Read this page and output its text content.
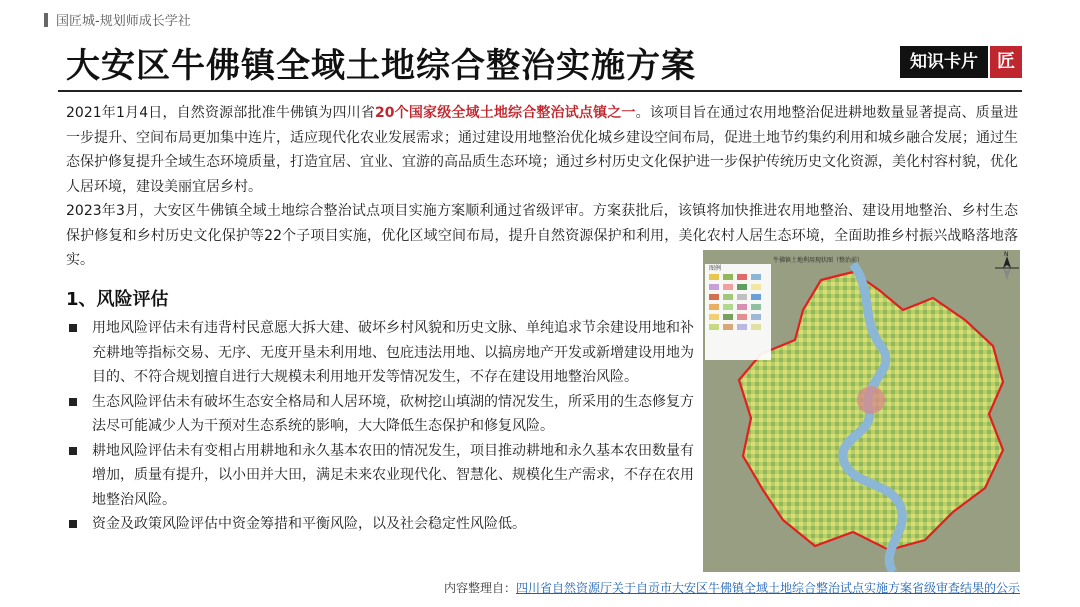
国匠城-规划师成长学社
大安区牛佛镇全域土地综合整治实施方案	知识卡片	匠

2021年1月4日，自然资源部批准牛佛镇为四川省20个国家级全域土地综合整治试点镇之一。该项目旨在通过农用地整治促进耕地数量显著提高、质量进一步提升、空间布局更加集中连片，适应现代化农业发展需求；通过建设用地整治优化城乡建设空间布局，促进土地节约集约利用和城乡融合发展；通过生态保护修复提升全域生态环境质量，打造宜居、宜业、宜游的高品质生态环境；通过乡村历史文化保护进一步保护传统历史文化资源，美化村容村貌，优化人居环境，建设美丽宜居乡村。

2023年3月，大安区牛佛镇全域土地综合整治试点项目实施方案顺利通过省级评审。方案获批后，该镇将加快推进农用地整治、建设用地整治、乡村生态保护修复和乡村历史文化保护等22个子项目实施，优化区域空间布局，提升自然资源保护和利用，美化农村人居生态环境，全面助推乡村振兴战略落地落实。

1、风险评估
用地风险评估未有违背村民意愿大拆大建、破坏乡村风貌和历史文脉、单纯追求节余建设用地和补充耕地等指标交易、无序、无度开垦未利用地、包庇违法用地、以搞房地产开发或新增建设用地为目的、不符合规划擅自进行大规模未利用地开发等情况发生，不存在建设用地整治风险。
生态风险评估未有破坏生态安全格局和人居环境，砍树挖山填湖的情况发生，所采用的生态修复方法尽可能减少人为干预对生态系统的影响，大大降低生态保护和修复风险。
耕地风险评估未有变相占用耕地和永久基本农田的情况发生，项目推动耕地和永久基本农田数量有增加，质量有提升，以小田并大田，满足未来农业现代化、智慧化、规模化生产需求，不存在农用地整治风险。
资金及政策风险评估中资金筹措和平衡风险，以及社会稳定性风险低。
图例
牛佛镇土地利用现状图（整治前）
N
内容整理自：四川省自然资源厅关于自贡市大安区牛佛镇全域土地综合整治试点实施方案省级审查结果的公示
